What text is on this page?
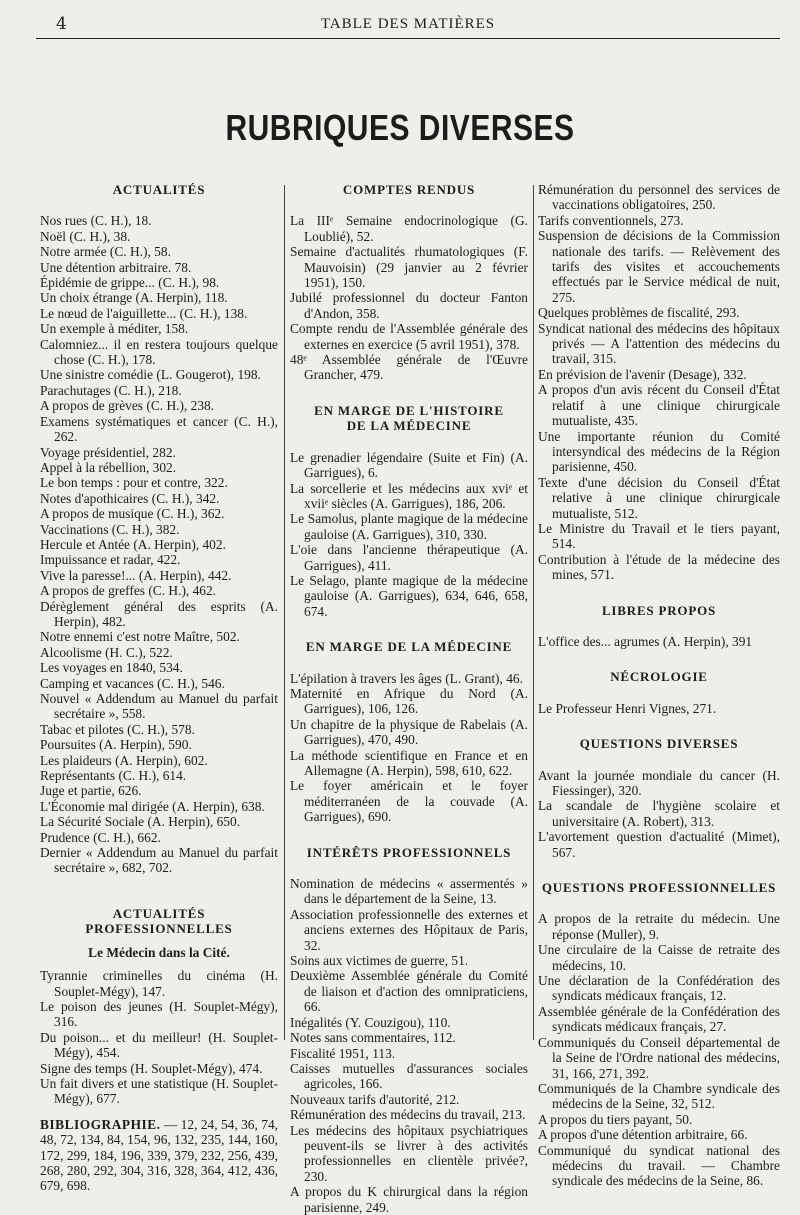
4	TABLE DES MATIÈRES
RUBRIQUES DIVERSES
ACTUALITÉS
Nos rues (C. H.), 18.
Noël (C. H.), 38.
Notre armée (C. H.), 58.
Une détention arbitraire. 78.
Épidémie de grippe... (C. H.), 98.
Un choix étrange (A. Herpin), 118.
Le nœud de l'aiguillette... (C. H.), 138.
Un exemple à méditer, 158.
Calomniez... il en restera toujours quelque chose (C. H.), 178.
Une sinistre comédie (L. Gougerot), 198.
Parachutages (C. H.), 218.
A propos de grèves (C. H.), 238.
Examens systématiques et cancer (C. H.), 262.
Voyage présidentiel, 282.
Appel à la rébellion, 302.
Le bon temps : pour et contre, 322.
Notes d'apothicaires (C. H.), 342.
A propos de musique (C. H.), 362.
Vaccinations (C. H.), 382.
Hercule et Antée (A. Herpin), 402.
Impuissance et radar, 422.
Vive la paresse!... (A. Herpin), 442.
A propos de greffes (C. H.), 462.
Dérèglement général des esprits (A. Herpin), 482.
Notre ennemi c'est notre Maître, 502.
Alcoolisme (H. C.), 522.
Les voyages en 1840, 534.
Camping et vacances (C. H.), 546.
Nouvel « Addendum au Manuel du parfait secrétaire », 558.
Tabac et pilotes (C. H.), 578.
Poursuites (A. Herpin), 590.
Les plaideurs (A. Herpin), 602.
Représentants (C. H.), 614.
Juge et partie, 626.
L'Économie mal dirigée (A. Herpin), 638.
La Sécurité Sociale (A. Herpin), 650.
Prudence (C. H.), 662.
Dernier « Addendum au Manuel du parfait secrétaire », 682, 702.
ACTUALITÉS PROFESSIONNELLES
Le Médecin dans la Cité.
Tyrannie criminelles du cinéma (H. Souplet-Mégy), 147.
Le poison des jeunes (H. Souplet-Mégy), 316.
Du poison... et du meilleur! (H. Souplet-Mégy), 454.
Signe des temps (H. Souplet-Mégy), 474.
Un fait divers et une statistique (H. Souplet-Mégy), 677.
BIBLIOGRAPHIE. — 12, 24, 54, 36, 74, 48, 72, 134, 84, 154, 96, 132, 235, 144, 160, 172, 299, 184, 196, 339, 379, 232, 256, 439, 268, 280, 292, 304, 316, 328, 364, 412, 436, 679, 698.
COMPTES RENDUS
La IIIᵉ Semaine endocrinologique (G. Loublié), 52.
Semaine d'actualités rhumatologiques (F. Mauvoisin) (29 janvier au 2 février 1951), 150.
Jubilé professionnel du docteur Fanton d'Andon, 358.
Compte rendu de l'Assemblée générale des externes en exercice (5 avril 1951), 378.
48ᵉ Assemblée générale de l'Œuvre Grancher, 479.
EN MARGE DE L'HISTOIRE
DE LA MÉDECINE
Le grenadier légendaire (Suite et Fin) (A. Garrigues), 6.
La sorcellerie et les médecins aux xviᵉ et xviiᵉ siècles (A. Garrigues), 186, 206.
Le Samolus, plante magique de la médecine gauloise (A. Garrigues), 310, 330.
L'oie dans l'ancienne thérapeutique (A. Garrigues), 411.
Le Selago, plante magique de la médecine gauloise (A. Garrigues), 634, 646, 658, 674.
EN MARGE DE LA MÉDECINE
L'épilation à travers les âges (L. Grant), 46.
Maternité en Afrique du Nord (A. Garrigues), 106, 126.
Un chapitre de la physique de Rabelais (A. Garrigues), 470, 490.
La méthode scientifique en France et en Allemagne (A. Herpin), 598, 610, 622.
Le foyer américain et le foyer méditerranéen de la couvade (A. Garrigues), 690.
INTÉRÊTS PROFESSIONNELS
Nomination de médecins « assermentés » dans le département de la Seine, 13.
Association professionnelle des externes et anciens externes des Hôpitaux de Paris, 32.
Soins aux victimes de guerre, 51.
Deuxième Assemblée générale du Comité de liaison et d'action des omnipraticiens, 66.
Inégalités (Y. Couzigou), 110.
Notes sans commentaires, 112.
Fiscalité 1951, 113.
Caisses mutuelles d'assurances sociales agricoles, 166.
Nouveaux tarifs d'autorité, 212.
Rémunération des médecins du travail, 213.
Les médecins des hôpitaux psychiatriques peuvent-ils se livrer à des activités professionnelles en clientèle privée?, 230.
A propos du K chirurgical dans la région parisienne, 249.
Rémunération du personnel des services de vaccinations obligatoires, 250.
Tarifs conventionnels, 273.
Suspension de décisions de la Commission nationale des tarifs. — Relèvement des tarifs des visites et accouchements effectués par le Service médical de nuit, 275.
Quelques problèmes de fiscalité, 293.
Syndicat national des médecins des hôpitaux privés — A l'attention des médecins du travail, 315.
En prévision de l'avenir (Desage), 332.
A propos d'un avis récent du Conseil d'État relatif à une clinique chirurgicale mutualiste, 435.
Une importante réunion du Comité intersyndical des médecins de la Région parisienne, 450.
Texte d'une décision du Conseil d'État relative à une clinique chirurgicale mutualiste, 512.
Le Ministre du Travail et le tiers payant, 514.
Contribution à l'étude de la médecine des mines, 571.
LIBRES PROPOS
L'office des... agrumes (A. Herpin), 391
NÉCROLOGIE
Le Professeur Henri Vignes, 271.
QUESTIONS DIVERSES
Avant la journée mondiale du cancer (H. Fiessinger), 320.
La scandale de l'hygiène scolaire et universitaire (A. Robert), 313.
L'avortement question d'actualité (Mimet), 567.
QUESTIONS PROFESSIONNELLES
A propos de la retraite du médecin. Une réponse (Muller), 9.
Une circulaire de la Caisse de retraite des médecins, 10.
Une déclaration de la Confédération des syndicats médicaux français, 12.
Assemblée générale de la Confédération des syndicats médicaux français, 27.
Communiqués du Conseil départemental de la Seine de l'Ordre national des médecins, 31, 166, 271, 392.
Communiqués de la Chambre syndicale des médecins de la Seine, 32, 512.
A propos du tiers payant, 50.
A propos d'une détention arbitraire, 66.
Communiqué du syndicat national des médecins du travail. — Chambre syndicale des médecins de la Seine, 86.
